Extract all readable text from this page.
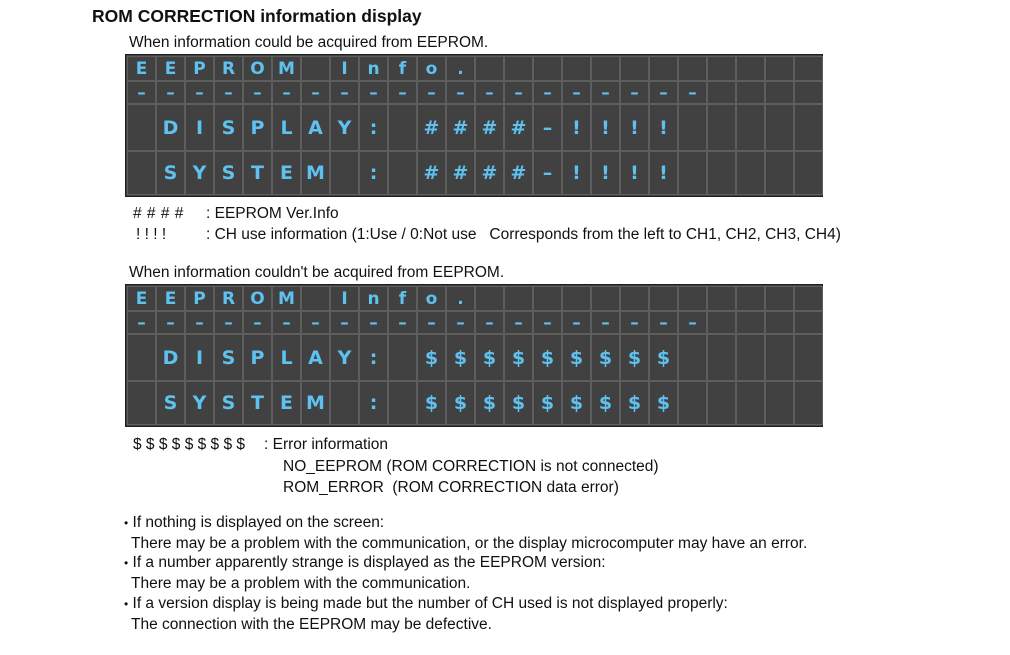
ROM CORRECTION information display
When information could be acquired from EEPROM.
E	E P R O M	I	n	f	o	.
–	–	–	–	–	–	–	–	–	–	–	–	–	–	–	–	–	–	–	–
D I S P L A Y :	# # # # –	!	!	!	!
S Y S T E M	:	# # # # –	!	!	!	!
# # # # : EEPROM Ver.Info
! ! ! !	: CH use information (1:Use / 0:Not use   Corresponds from the left to CH1, CH2, CH3, CH4)
When information couldn't be acquired from EEPROM.
E	E P R O M	I	n	f	o	.
–	–	–	–	–	–	–	–	–	–	–	–	–	–	–	–	–	–	–	–
D I S P L A Y :	$ $ $ $ $ $ $ $ $
S Y S T E M	:	$ $ $ $ $ $ $ $ $
$ $ $ $ $ $ $ $ $ : Error information
NO_EEPROM (ROM CORRECTION is not connected)
ROM_ERROR  (ROM CORRECTION data error)
• If nothing is displayed on the screen:
There may be a problem with the communication, or the display microcomputer may have an error.
• If a number apparently strange is displayed as the EEPROM version:
There may be a problem with the communication.
• If a version display is being made but the number of CH used is not displayed properly:
The connection with the EEPROM may be defective.
